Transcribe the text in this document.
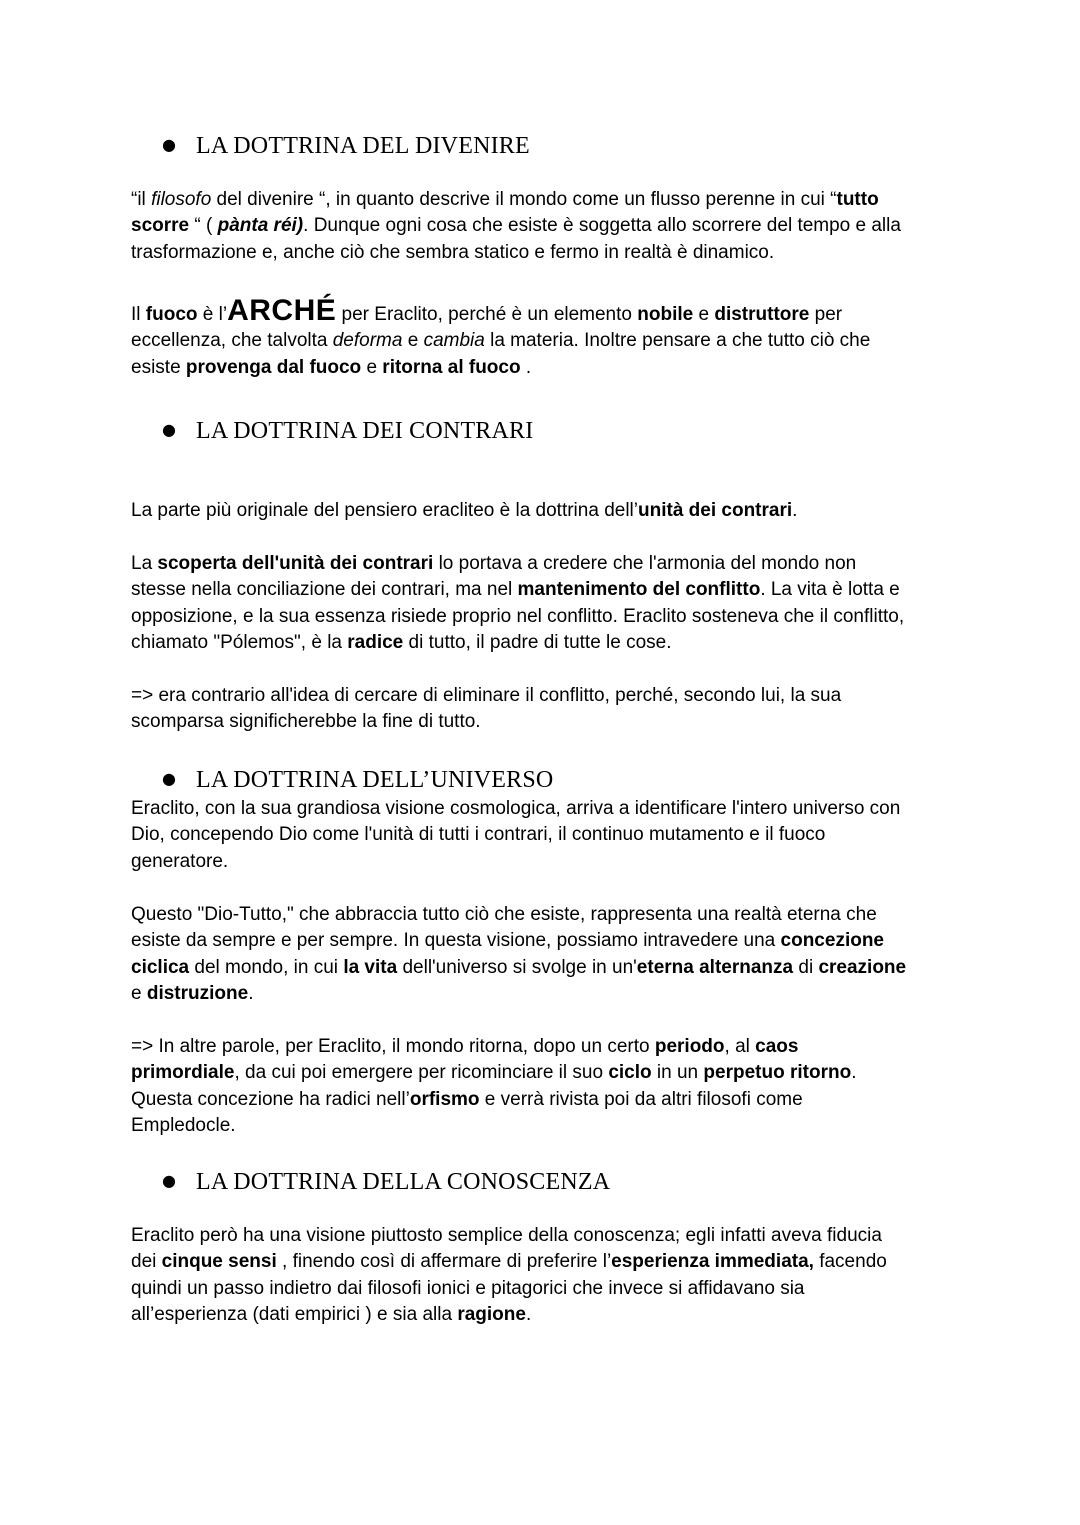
● LA DOTTRINA DEL DIVENIRE
“il filosofo del divenire “, in quanto descrive il mondo come un flusso perenne in cui “tutto
scorre “ ( pànta réi). Dunque ogni cosa che esiste è soggetta allo scorrere del tempo e alla
trasformazione e, anche ciò che sembra statico e fermo in realtà è dinamico.
Il fuoco è l’ARCHÉ per Eraclito, perché è un elemento nobile e distruttore per
eccellenza, che talvolta deforma e cambia la materia. Inoltre pensare a che tutto ciò che
esiste provenga dal fuoco e ritorna al fuoco .
● LA DOTTRINA DEI CONTRARI
La parte più originale del pensiero eracliteo è la dottrina dell’unità dei contrari.
La scoperta dell'unità dei contrari lo portava a credere che l'armonia del mondo non
stesse nella conciliazione dei contrari, ma nel mantenimento del conflitto. La vita è lotta e
opposizione, e la sua essenza risiede proprio nel conflitto. Eraclito sosteneva che il conflitto,
chiamato "Pólemos", è la radice di tutto, il padre di tutte le cose.
=> era contrario all'idea di cercare di eliminare il conflitto, perché, secondo lui, la sua
scomparsa significherebbe la fine di tutto.
● LA DOTTRINA DELL’UNIVERSO
Eraclito, con la sua grandiosa visione cosmologica, arriva a identificare l'intero universo con
Dio, concependo Dio come l'unità di tutti i contrari, il continuo mutamento e il fuoco
generatore.
Questo "Dio-Tutto," che abbraccia tutto ciò che esiste, rappresenta una realtà eterna che
esiste da sempre e per sempre. In questa visione, possiamo intravedere una concezione
ciclica del mondo, in cui la vita dell'universo si svolge in un'eterna alternanza di creazione
e distruzione.
=> In altre parole, per Eraclito, il mondo ritorna, dopo un certo periodo, al caos
primordiale, da cui poi emergere per ricominciare il suo ciclo in un perpetuo ritorno.
Questa concezione ha radici nell’orfismo e verrà rivista poi da altri filosofi come
Empledocle.
● LA DOTTRINA DELLA CONOSCENZA
Eraclito però ha una visione piuttosto semplice della conoscenza; egli infatti aveva fiducia
dei cinque sensi , finendo così di affermare di preferire l’esperienza immediata, facendo
quindi un passo indietro dai filosofi ionici e pitagorici che invece si affidavano sia
all’esperienza (dati empirici ) e sia alla ragione.
